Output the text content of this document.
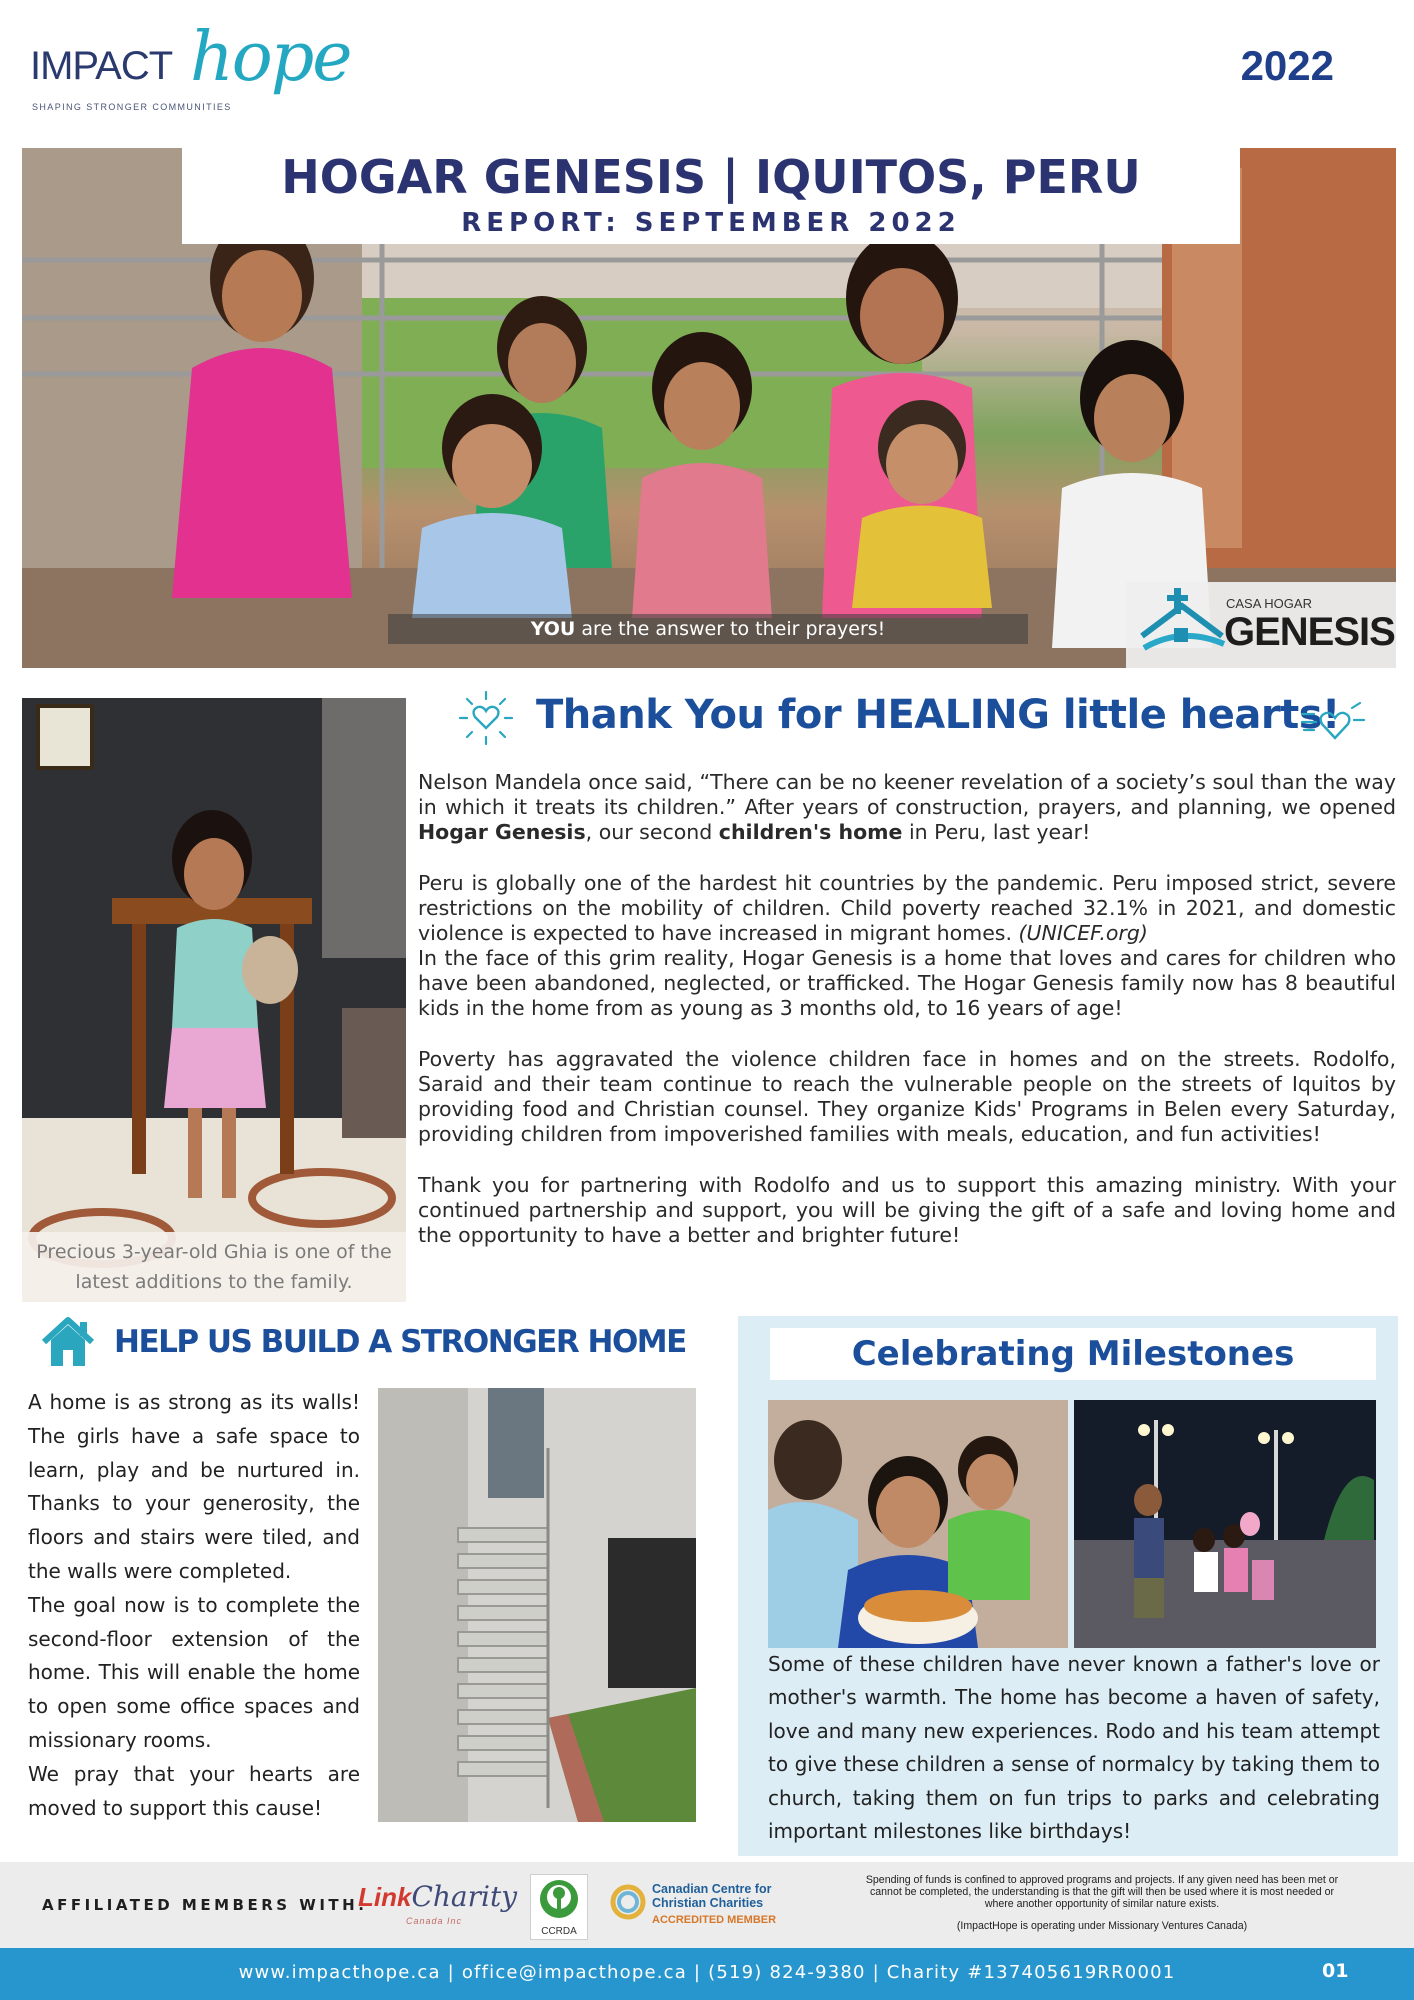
IMPACT hope
SHAPING STRONGER COMMUNITIES
2022
HOGAR GENESIS | IQUITOS, PERU
REPORT: SEPTEMBER 2022
YOU are the answer to their prayers!
CASA HOGAR
GENESIS
Precious 3-year-old Ghia is one of the latest additions to the family.
Thank You for HEALING little hearts!

Nelson Mandela once said, “There can be no keener revelation of a society’s soul than the way in which it treats its children.” After years of construction, prayers, and planning, we opened Hogar Genesis, our second children's home in Peru, last year!

Peru is globally one of the hardest hit countries by the pandemic. Peru imposed strict, severe restrictions on the mobility of children. Child poverty reached 32.1% in 2021, and domestic violence is expected to have increased in migrant homes. (UNICEF.org)

In the face of this grim reality, Hogar Genesis is a home that loves and cares for children who have been abandoned, neglected, or trafficked. The Hogar Genesis family now has 8 beautiful kids in the home from as young as 3 months old, to 16 years of age!

Poverty has aggravated the violence children face in homes and on the streets. Rodolfo, Saraid and their team continue to reach the vulnerable people on the streets of Iquitos by providing food and Christian counsel. They organize Kids' Programs in Belen every Saturday, providing children from impoverished families with meals, education, and fun activities!

Thank you for partnering with Rodolfo and us to support this amazing ministry. With your continued partnership and support, you will be giving the gift of a safe and loving home and the opportunity to have a better and brighter future!

HELP US BUILD A STRONGER HOME

A home is as strong as its walls! The girls have a safe space to learn, play and be nurtured in. Thanks to your generosity, the floors and stairs were tiled, and the walls were completed.

The goal now is to complete the second-floor extension of the home. This will enable the home to open some office spaces and missionary rooms.

We pray that your hearts are moved to support this cause!

Celebrating Milestones
Some of these children have never known a father's love or mother's warmth. The home has become a haven of safety, love and many new experiences. Rodo and his team attempt to give these children a sense of normalcy by taking them to church, taking them on fun trips to parks and celebrating important milestones like birthdays!
AFFILIATED MEMBERS WITH:
LinkCharity
Canada Inc
CCRDA
Canadian Centre for Christian Charities
ACCREDITED MEMBER
Spending of funds is confined to approved programs and projects. If any given need has been met or cannot be completed, the understanding is that the gift will then be used where it is most needed or where another opportunity of similar nature exists.
(ImpactHope is operating under Missionary Ventures Canada)
www.impacthope.ca | office@impacthope.ca | (519) 824-9380 | Charity #137405619RR0001	01
